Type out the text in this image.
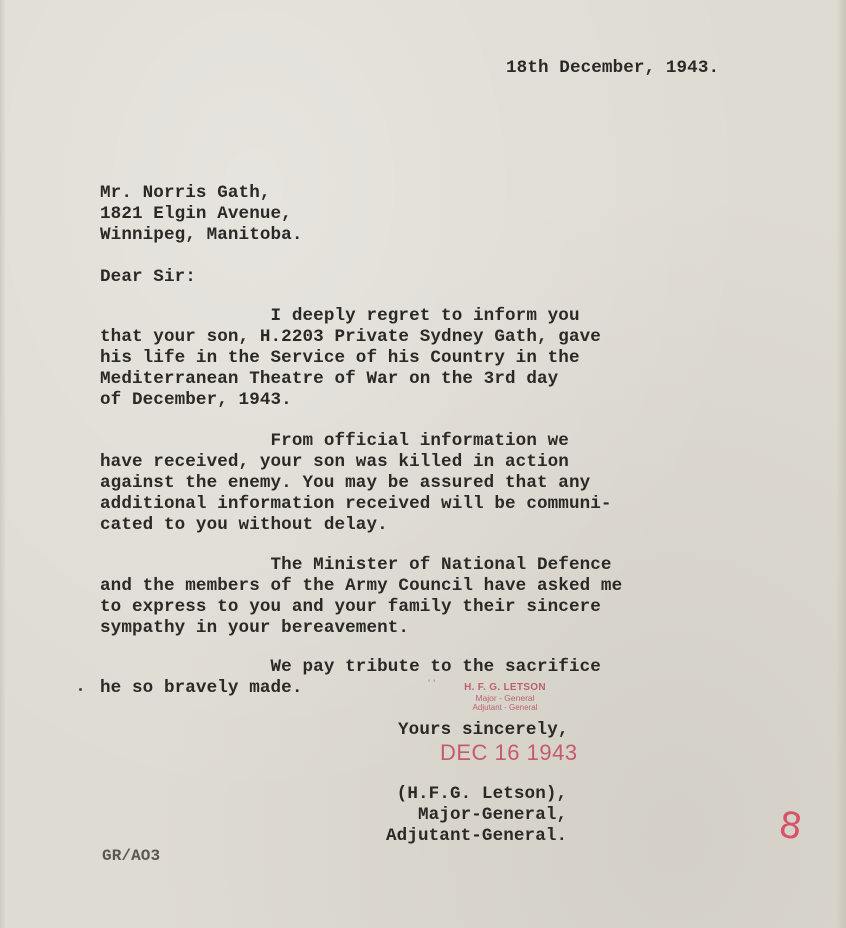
18th December, 1943.

Mr. Norris Gath,
1821 Elgin Avenue,
Winnipeg, Manitoba.

Dear Sir:

I deeply regret to inform you
that your son, H.2203 Private Sydney Gath, gave
his life in the Service of his Country in the
Mediterranean Theatre of War on the 3rd day
of December, 1943.

From official information we
have received, your son was killed in action
against the enemy. You may be assured that any
additional information received will be communi-
cated to you without delay.

The Minister of National Defence
and the members of the Army Council have asked me
to express to you and your family their sincere
sympathy in your bereavement.

We pay tribute to the sacrifice
he so bravely made.	' '	H. F. G. LETSON
Major - General
Adjutant - General

Yours sincerely,

DEC 16 1943
(H.F.G. Letson),
Major-General,
Adjutant-General.

GR/AO3

8
